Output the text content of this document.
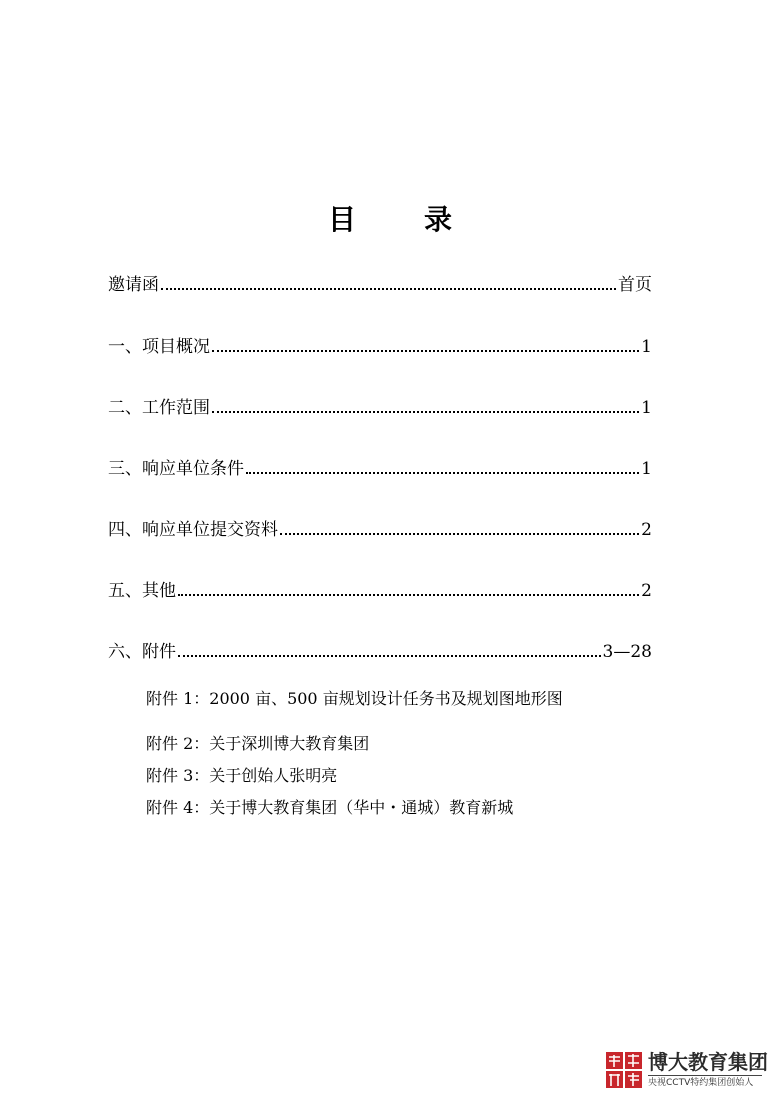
目 录
邀请函	首页
一、项目概况	1
二、工作范围	1
三、响应单位条件	1
四、响应单位提交资料	2
五、其他	2
六、附件	3—28
附件 1：2000 亩、500 亩规划设计任务书及规划图地形图
附件 2：关于深圳博大教育集团
附件 3：关于创始人张明亮
附件 4：关于博大教育集团（华中・通城）教育新城
博大教育集团
央视CCTV特约集团创始人
